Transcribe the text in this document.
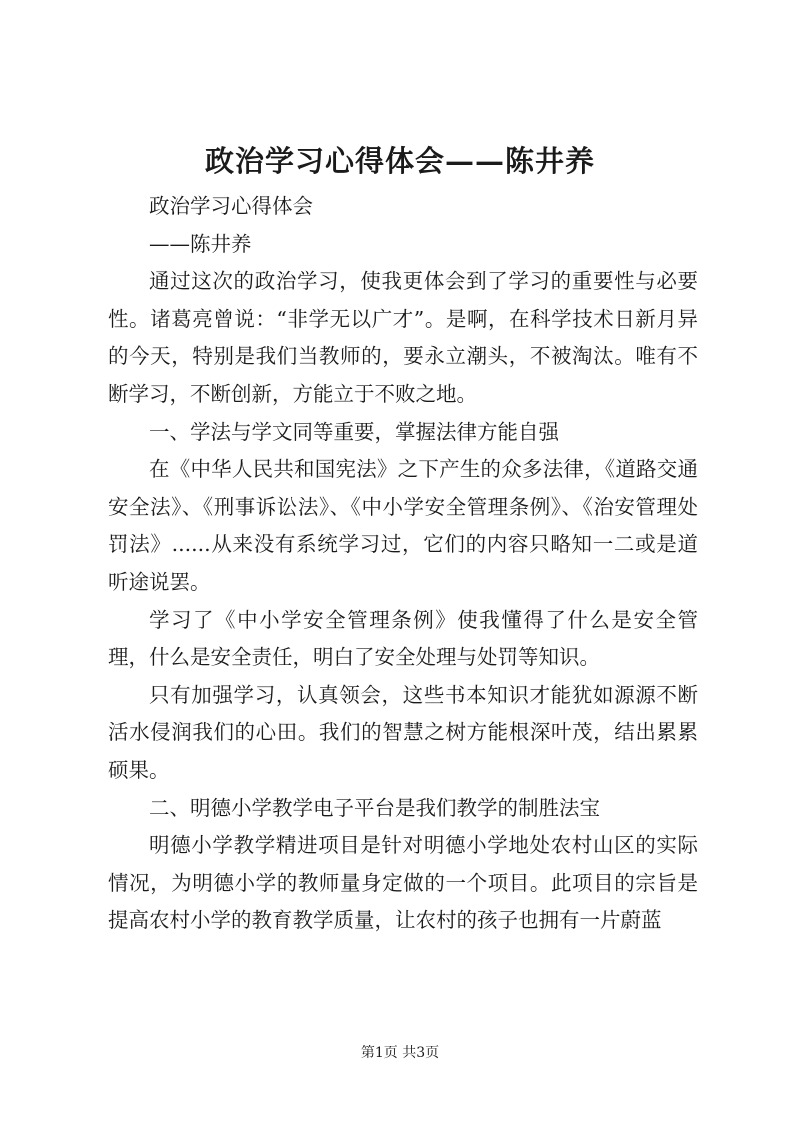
政治学习心得体会——陈井养

政治学习心得体会

——陈井养

通过这次的政治学习，使我更体会到了学习的重要性与必要性。诸葛亮曾说：“非学无以广才”。是啊，在科学技术日新月异的今天，特别是我们当教师的，要永立潮头，不被淘汰。唯有不断学习，不断创新，方能立于不败之地。

一、学法与学文同等重要，掌握法律方能自强

在《中华人民共和国宪法》之下产生的众多法律，《道路交通安全法》、《刑事诉讼法》、《中小学安全管理条例》、《治安管理处罚法》......从来没有系统学习过，它们的内容只略知一二或是道听途说罢。

学习了《中小学安全管理条例》使我懂得了什么是安全管理，什么是安全责任，明白了安全处理与处罚等知识。

只有加强学习，认真领会，这些书本知识才能犹如源源不断活水侵润我们的心田。我们的智慧之树方能根深叶茂，结出累累硕果。

二、明德小学教学电子平台是我们教学的制胜法宝

明德小学教学精进项目是针对明德小学地处农村山区的实际情况，为明德小学的教师量身定做的一个项目。此项目的宗旨是提高农村小学的教育教学质量，让农村的孩子也拥有一片蔚蓝

第1页 共3页
